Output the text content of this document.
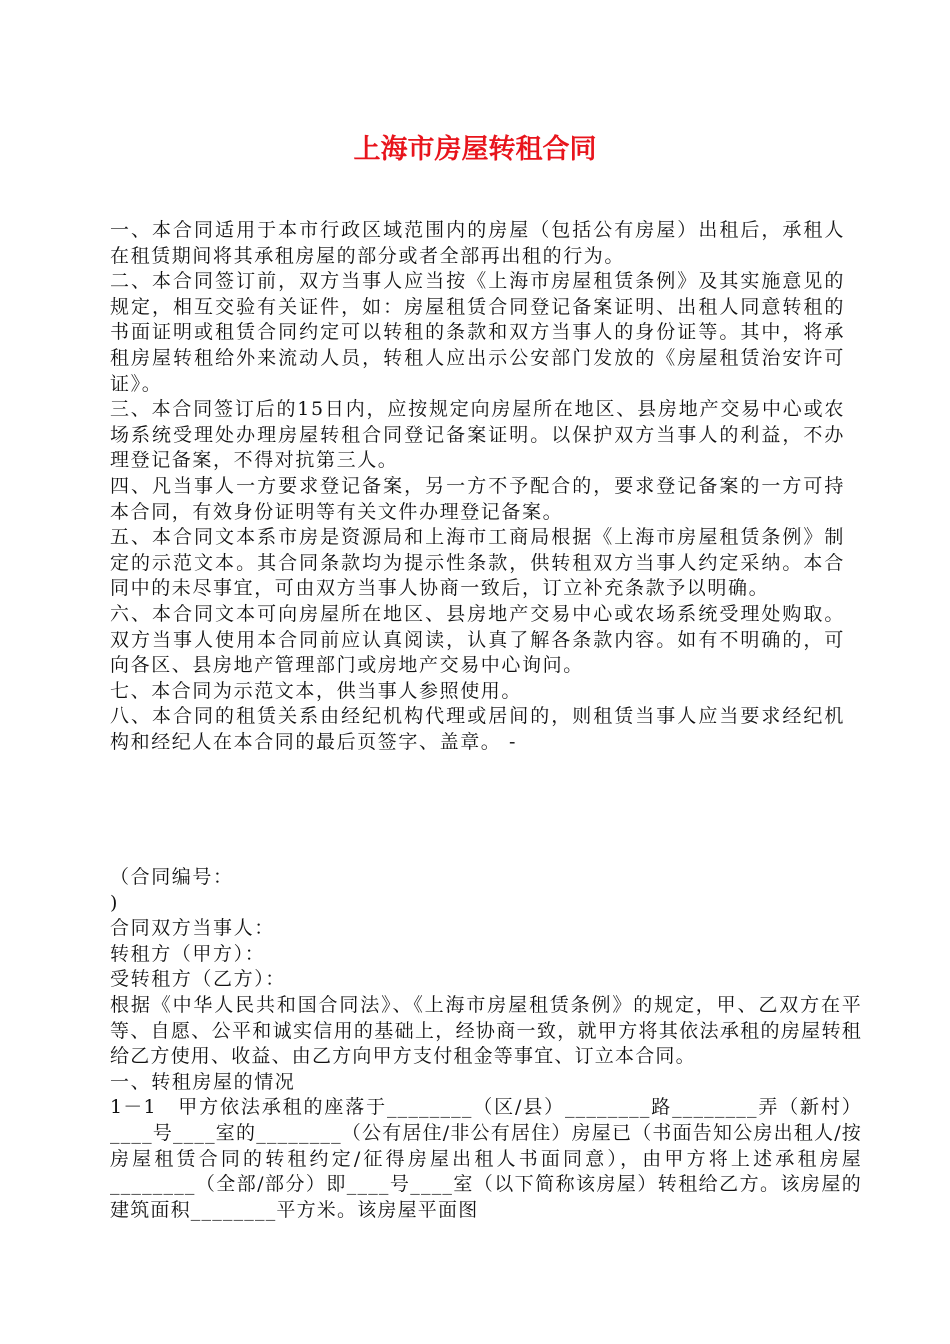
上海市房屋转租合同

一、本合同适用于本市行政区域范围内的房屋（包括公有房屋）出租后，承租人在租赁期间将其承租房屋的部分或者全部再出租的行为。

二、本合同签订前，双方当事人应当按《上海市房屋租赁条例》及其实施意见的规定，相互交验有关证件，如：房屋租赁合同登记备案证明、出租人同意转租的书面证明或租赁合同约定可以转租的条款和双方当事人的身份证等。其中，将承租房屋转租给外来流动人员，转租人应出示公安部门发放的《房屋租赁治安许可证》。

三、本合同签订后的15日内，应按规定向房屋所在地区、县房地产交易中心或农场系统受理处办理房屋转租合同登记备案证明。以保护双方当事人的利益，不办理登记备案，不得对抗第三人。

四、凡当事人一方要求登记备案，另一方不予配合的，要求登记备案的一方可持本合同，有效身份证明等有关文件办理登记备案。

五、本合同文本系市房是资源局和上海市工商局根据《上海市房屋租赁条例》制定的示范文本。其合同条款均为提示性条款，供转租双方当事人约定采纳。本合同中的未尽事宜，可由双方当事人协商一致后，订立补充条款予以明确。

六、本合同文本可向房屋所在地区、县房地产交易中心或农场系统受理处购取。双方当事人使用本合同前应认真阅读，认真了解各条款内容。如有不明确的，可向各区、县房地产管理部门或房地产交易中心询问。

七、本合同为示范文本，供当事人参照使用。

八、本合同的租赁关系由经纪机构代理或居间的，则租赁当事人应当要求经纪机构和经纪人在本合同的最后页签字、盖章。 -

（合同编号：

)

合同双方当事人：

转租方（甲方）：

受转租方（乙方）：

根据《中华人民共和国合同法》、《上海市房屋租赁条例》的规定，甲、乙双方在平等、自愿、公平和诚实信用的基础上，经协商一致，就甲方将其依法承租的房屋转租给乙方使用、收益、由乙方向甲方支付租金等事宜、订立本合同。

一、转租房屋的情况

1－1　甲方依法承租的座落于________（区/县）________路________弄（新村）____号____室的________（公有居住/非公有居住）房屋已（书面告知公房出租人/按房屋租赁合同的转租约定/征得房屋出租人书面同意），由甲方将上述承租房屋________（全部/部分）即____号____室（以下简称该房屋）转租给乙方。该房屋的建筑面积________平方米。该房屋平面图
